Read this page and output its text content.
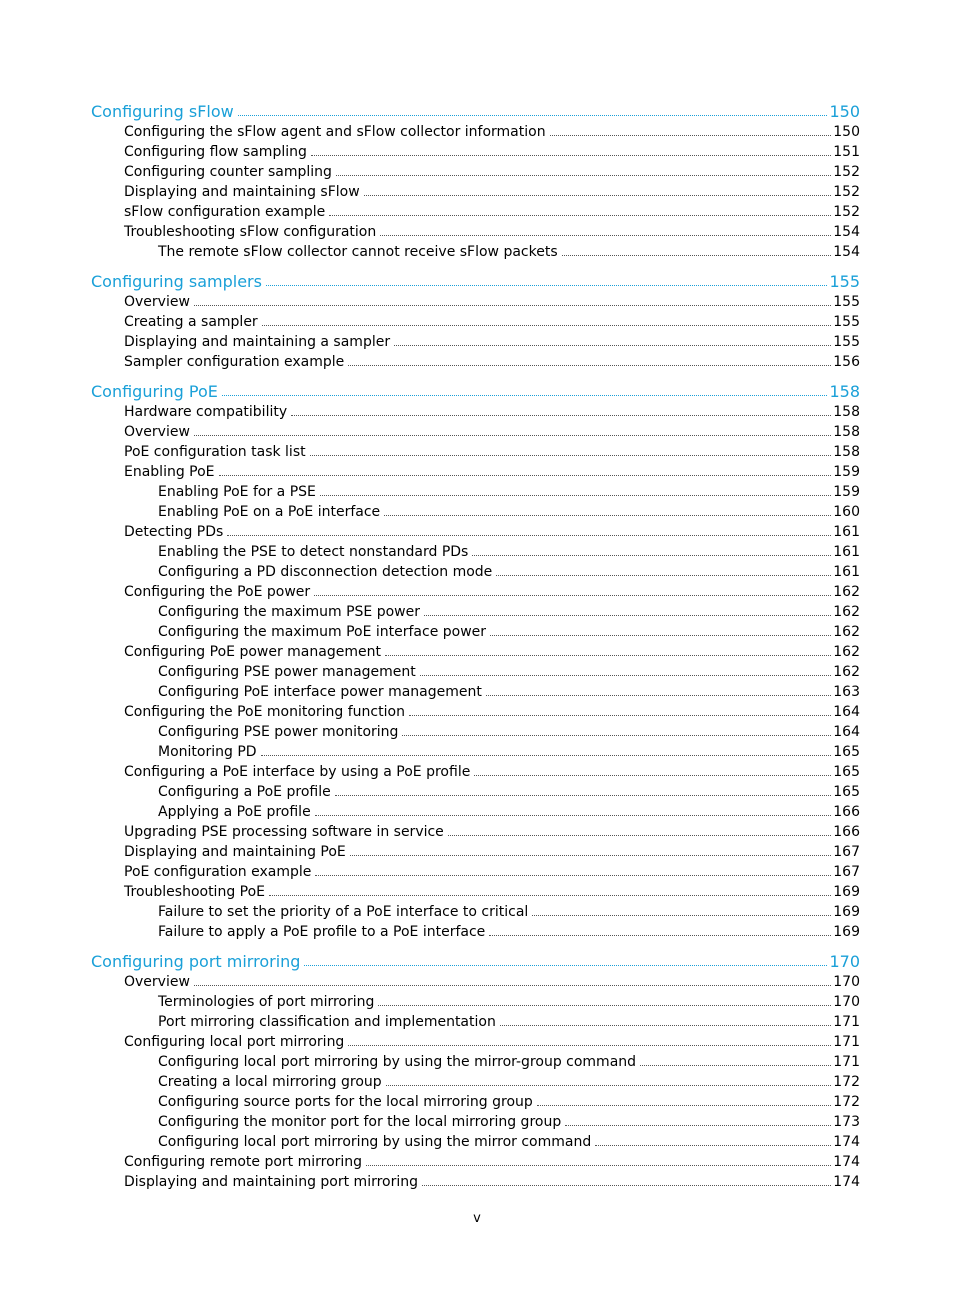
Configuring sFlow	150
Configuring the sFlow agent and sFlow collector information	150
Configuring flow sampling	151
Configuring counter sampling	152
Displaying and maintaining sFlow	152
sFlow configuration example	152
Troubleshooting sFlow configuration	154
The remote sFlow collector cannot receive sFlow packets	154
Configuring samplers	155
Overview	155
Creating a sampler	155
Displaying and maintaining a sampler	155
Sampler configuration example	156
Configuring PoE	158
Hardware compatibility	158
Overview	158
PoE configuration task list	158
Enabling PoE	159
Enabling PoE for a PSE	159
Enabling PoE on a PoE interface	160
Detecting PDs	161
Enabling the PSE to detect nonstandard PDs	161
Configuring a PD disconnection detection mode	161
Configuring the PoE power	162
Configuring the maximum PSE power	162
Configuring the maximum PoE interface power	162
Configuring PoE power management	162
Configuring PSE power management	162
Configuring PoE interface power management	163
Configuring the PoE monitoring function	164
Configuring PSE power monitoring	164
Monitoring PD	165
Configuring a PoE interface by using a PoE profile	165
Configuring a PoE profile	165
Applying a PoE profile	166
Upgrading PSE processing software in service	166
Displaying and maintaining PoE	167
PoE configuration example	167
Troubleshooting PoE	169
Failure to set the priority of a PoE interface to critical	169
Failure to apply a PoE profile to a PoE interface	169
Configuring port mirroring	170
Overview	170
Terminologies of port mirroring	170
Port mirroring classification and implementation	171
Configuring local port mirroring	171
Configuring local port mirroring by using the mirror-group command	171
Creating a local mirroring group	172
Configuring source ports for the local mirroring group	172
Configuring the monitor port for the local mirroring group	173
Configuring local port mirroring by using the mirror command	174
Configuring remote port mirroring	174
Displaying and maintaining port mirroring	174
v
